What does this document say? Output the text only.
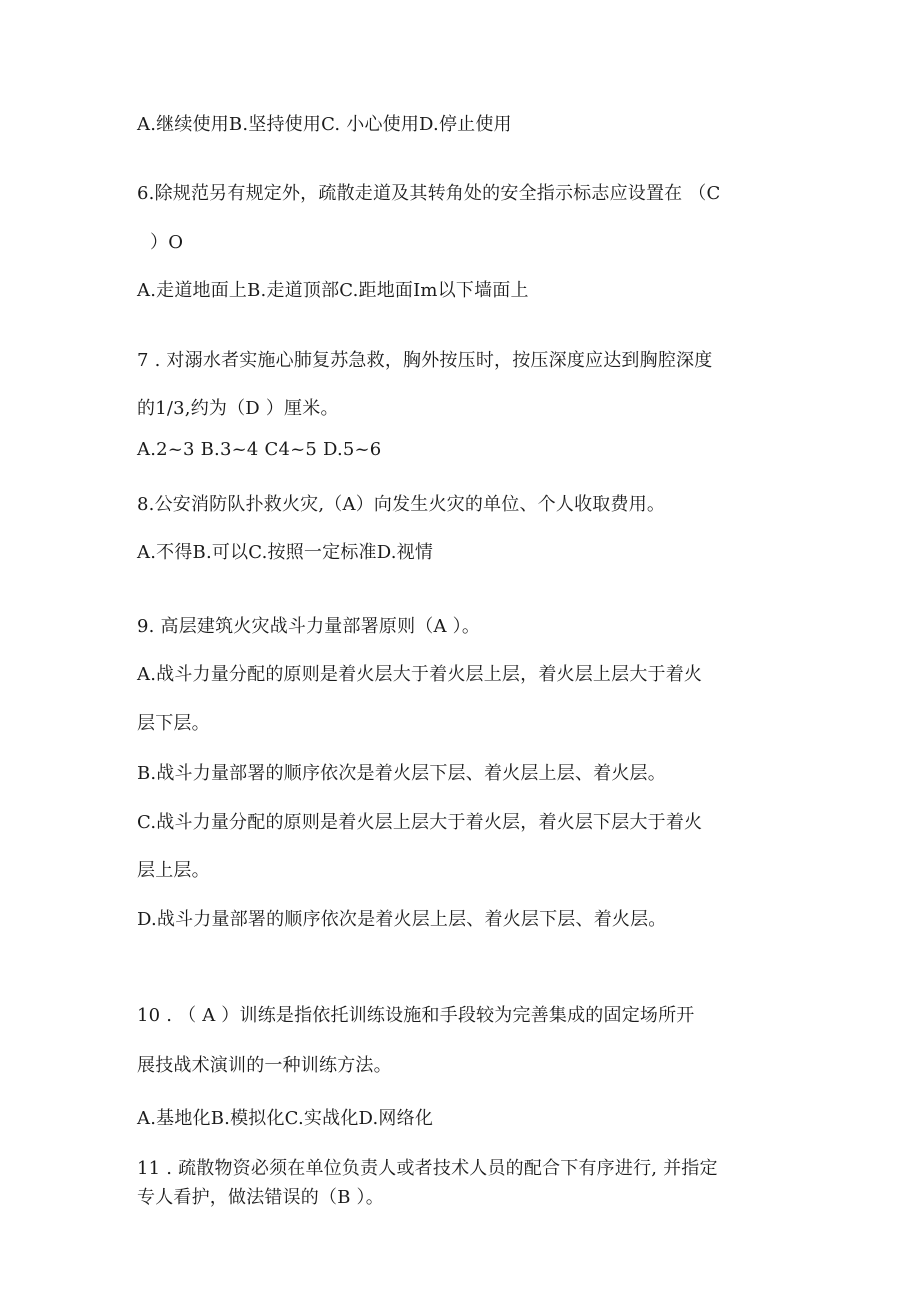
A.继续使用B.坚持使用C. 小心使用D.停止使用
6.除规范另有规定外，疏散走道及其转角处的安全指示标志应设置在 （C
）O
A.走道地面上B.走道顶部C.距地面Im以下墙面上
7 . 对溺水者实施心肺复苏急救，胸外按压时，按压深度应达到胸腔深度
的1/3,约为（D ）厘米。
A.2~3 B.3~4 C4~5 D.5~6
8.公安消防队扑救火灾,（A）向发生火灾的单位、个人收取费用。
A.不得B.可以C.按照一定标准D.视情
9. 高层建筑火灾战斗力量部署原则（A ）。
A.战斗力量分配的原则是着火层大于着火层上层，着火层上层大于着火
层下层。
B.战斗力量部署的顺序依次是着火层下层、着火层上层、着火层。
C.战斗力量分配的原则是着火层上层大于着火层，着火层下层大于着火
层上层。
D.战斗力量部署的顺序依次是着火层上层、着火层下层、着火层。
10 . （ A ）训练是指依托训练设施和手段较为完善集成的固定场所开
展技战术演训的一种训练方法。
A.基地化B.模拟化C.实战化D.网络化
11 . 疏散物资必须在单位负责人或者技术人员的配合下有序进行, 并指定
专人看护，做法错误的（B ）。
